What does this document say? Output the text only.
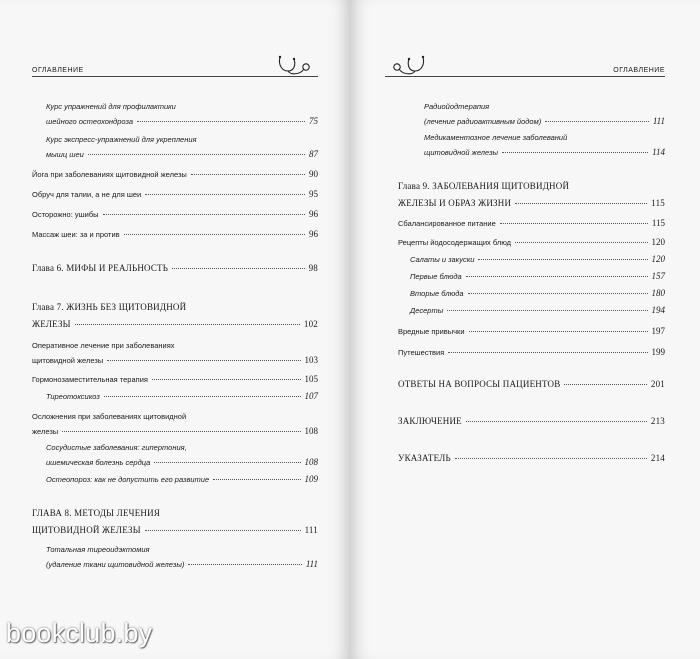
ОГЛАВЛЕНИЕ
Курс упражнений для профилактики
шейного остеохондроза	75
Курс экспресс-упражнений для укрепления
мышц шеи	87
Йога при заболеваниях щитовидной железы	90
Обруч для талии, а не для шеи	95
Осторожно: ушибы	96
Массаж шеи: за и против	96
Глава 6. МИФЫ И РЕАЛЬНОСТЬ	98
Глава 7. ЖИЗНЬ БЕЗ ЩИТОВИДНОЙ
ЖЕЛЕЗЫ	102
Оперативное лечение при заболеваниях
щитовидной железы	103
Гормонозаместительная терапия	105
Тиреотоксикоз	107
Осложнения при заболеваниях щитовидной
железы	108
Сосудистые заболевания: гипертония,
ишемическая болезнь сердца	108
Остеопороз: как не допустить его развитие	109
ГЛАВА 8. МЕТОДЫ ЛЕЧЕНИЯ
ЩИТОВИДНОЙ ЖЕЛЕЗЫ	111
Тотальная тиреоидэктомия
(удаление ткани щитовидной железы)	111
bookclub.by
ОГЛАВЛЕНИЕ
Радиойодтерапия
(лечение радиоактивным йодом)	111
Медикаментозное лечение заболеваний
щитовидной железы	114
Глава 9. ЗАБОЛЕВАНИЯ ЩИТОВИДНОЙ
ЖЕЛЕЗЫ И ОБРАЗ ЖИЗНИ	115
Сбалансированное питание	115
Рецепты йодосодержащих блюд	120
Салаты и закуски	120
Первые блюда	157
Вторые блюда	180
Десерты	194
Вредные привычки	197
Путешествия	199
ОТВЕТЫ НА ВОПРОСЫ ПАЦИЕНТОВ	201
ЗАКЛЮЧЕНИЕ	213
УКАЗАТЕЛЬ	214
